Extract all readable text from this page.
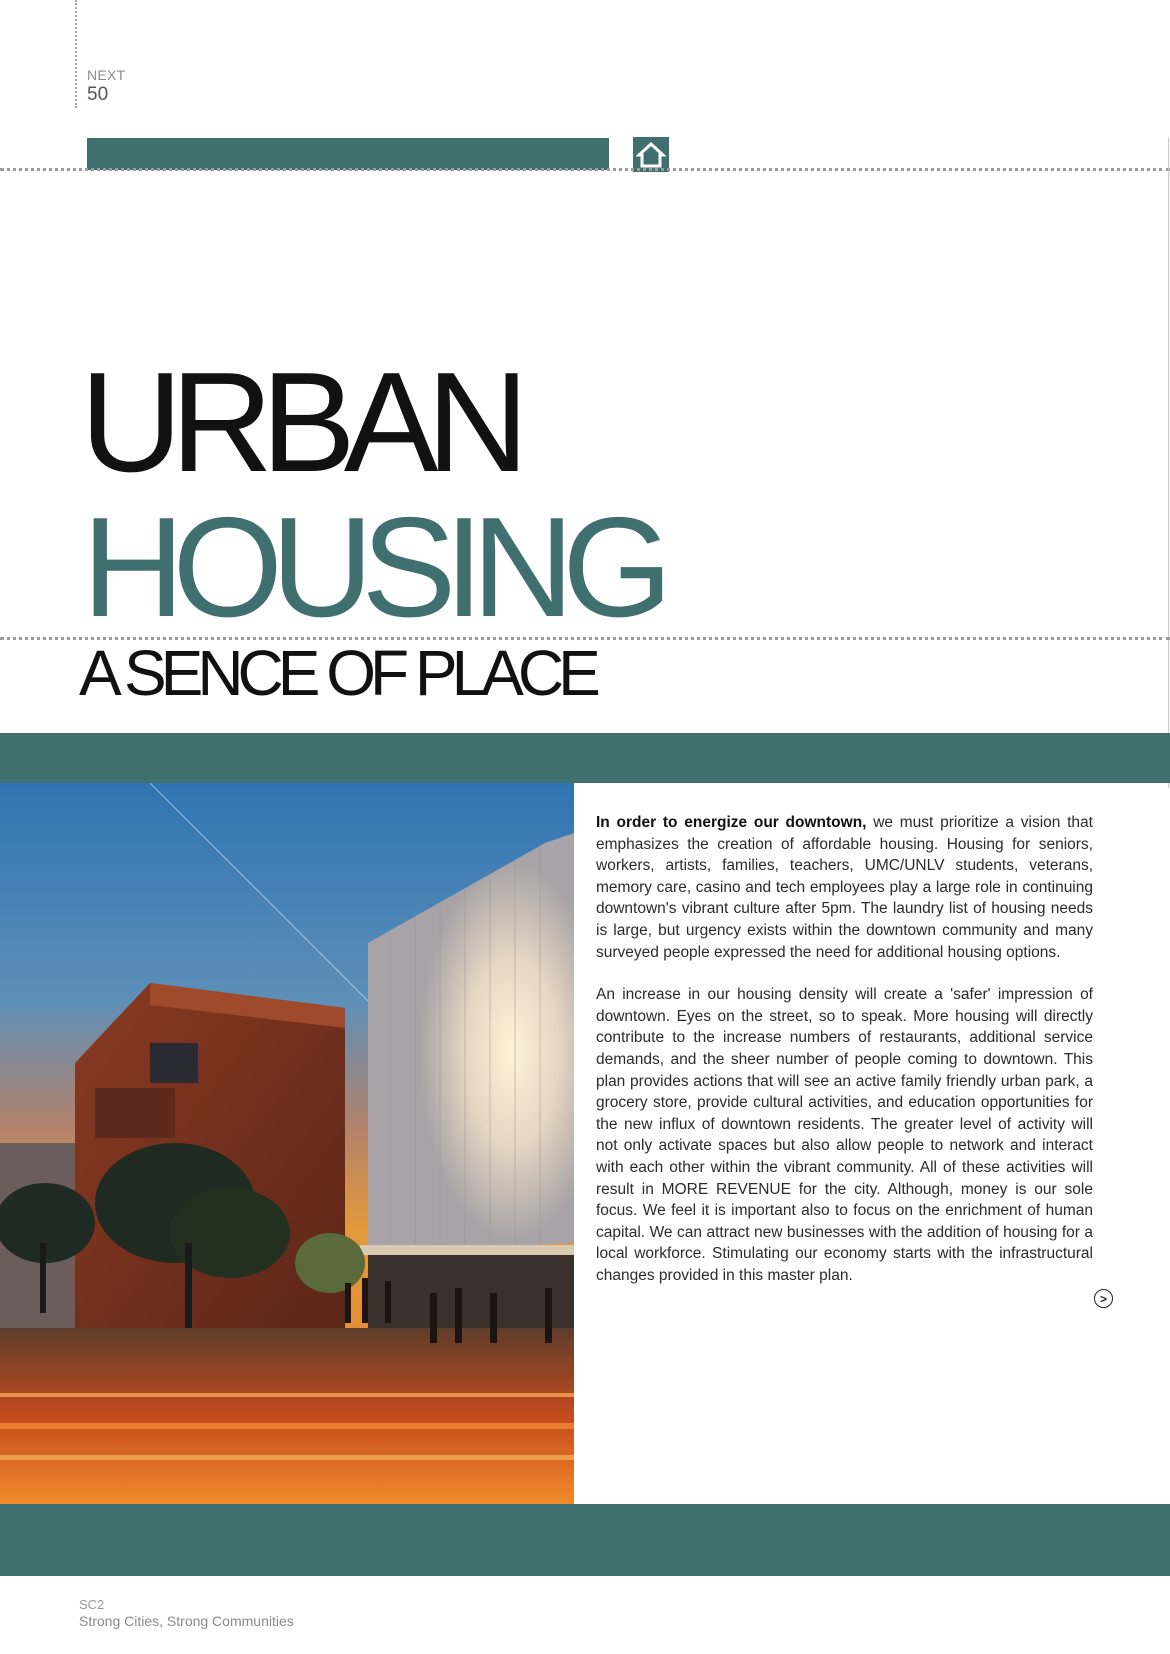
NEXT
50
URBAN
HOUSING
A SENCE OF PLACE

In order to energize our downtown, we must prioritize a vision that emphasizes the creation of affordable housing. Housing for seniors, workers, artists, families, teachers, UMC/UNLV students, veterans, memory care, casino and tech employees play a large role in continuing downtown's vibrant culture after 5pm. The laundry list of housing needs is large, but urgency exists within the downtown community and many surveyed people expressed the need for additional housing options.

An increase in our housing density will create a 'safer' impression of downtown. Eyes on the street, so to speak. More housing will directly contribute to the increase numbers of restaurants, additional service demands, and the sheer number of people coming to downtown. This plan provides actions that will see an active family friendly urban park, a grocery store, provide cultural activities, and education opportunities for the new influx of downtown residents. The greater level of activity will not only activate spaces but also allow people to network and interact with each other within the vibrant community. All of these activities will result in MORE REVENUE for the city. Although, money is our sole focus. We feel it is important also to focus on the enrichment of human capital. We can attract new businesses with the addition of housing for a local workforce. Stimulating our economy starts with the infrastructural changes provided in this master plan.

>
SC2
Strong Cities, Strong Communities
